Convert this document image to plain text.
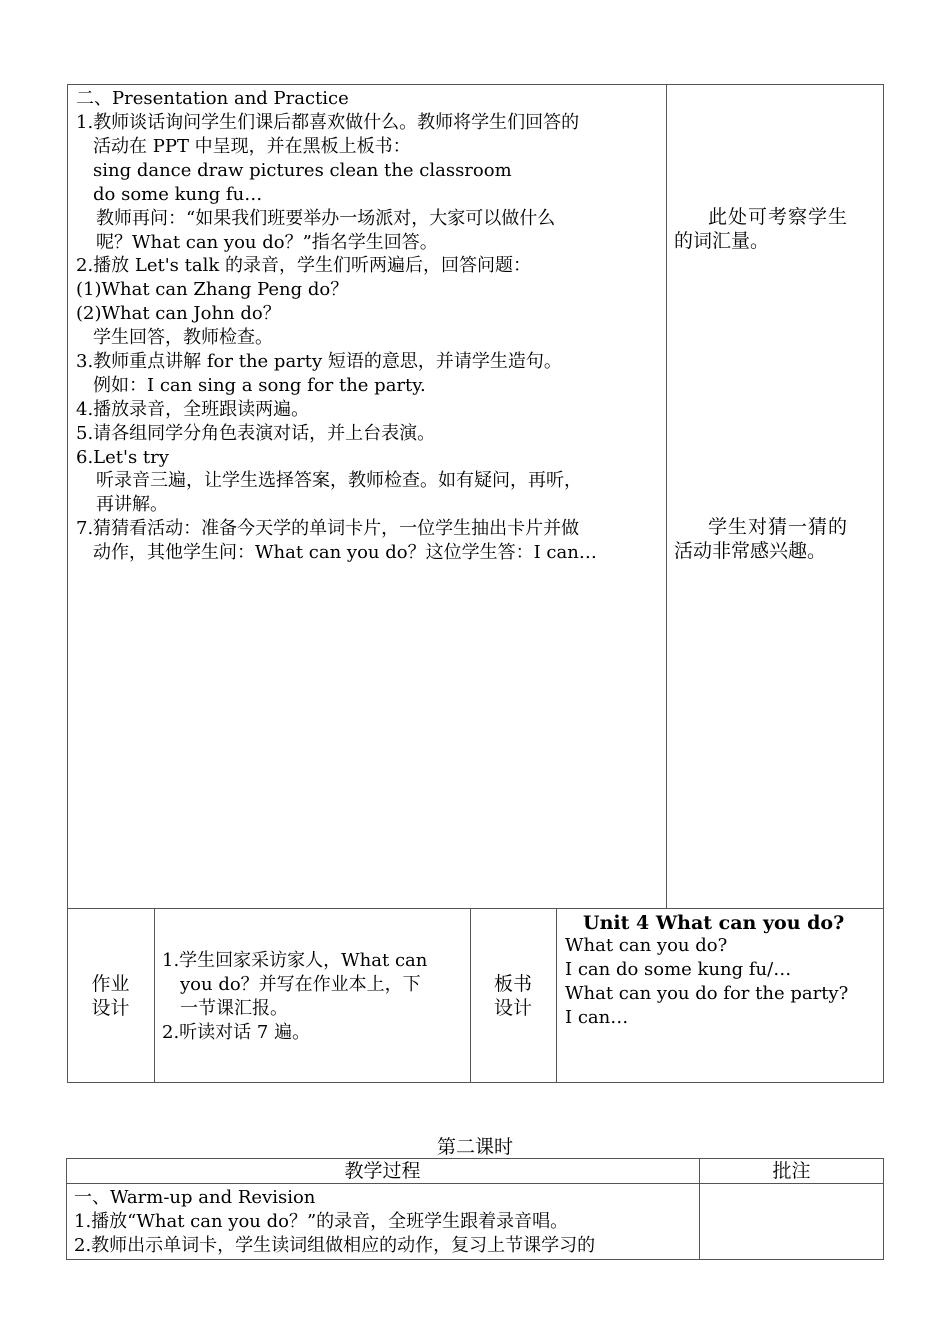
二、Presentation and Practice
1.教师谈话询问学生们课后都喜欢做什么。教师将学生们回答的
活动在 PPT 中呈现，并在黑板上板书：
sing dance draw pictures clean the classroom
do some kung fu…
教师再问：“如果我们班要举办一场派对，大家可以做什么
呢？What can you do？”指名学生回答。
2.播放 Let's talk 的录音，学生们听两遍后，回答问题：
(1)What can Zhang Peng do？
(2)What can John do？
学生回答，教师检查。
3.教师重点讲解 for the party 短语的意思，并请学生造句。
例如：I can sing a song for the party.
4.播放录音，全班跟读两遍。
5.请各组同学分角色表演对话，并上台表演。
6.Let's try
听录音三遍，让学生选择答案，教师检查。如有疑问，再听，
再讲解。
7.猜猜看活动：准备今天学的单词卡片，一位学生抽出卡片并做
动作，其他学生问：What can you do？这位学生答：I can…
此处可考察学生
的词汇量。
学生对猜一猜的
活动非常感兴趣。
作业
设计
1.学生回家采访家人，What can
you do？并写在作业本上，下
一节课汇报。
2.听读对话 7 遍。
板书
设计
Unit 4 What can you do?
What can you do?
I can do some kung fu/…
What can you do for the party?
I can…
第二课时
教学过程	批注
一、Warm-up and Revision
1.播放“What can you do？”的录音，全班学生跟着录音唱。
2.教师出示单词卡，学生读词组做相应的动作，复习上节课学习的
